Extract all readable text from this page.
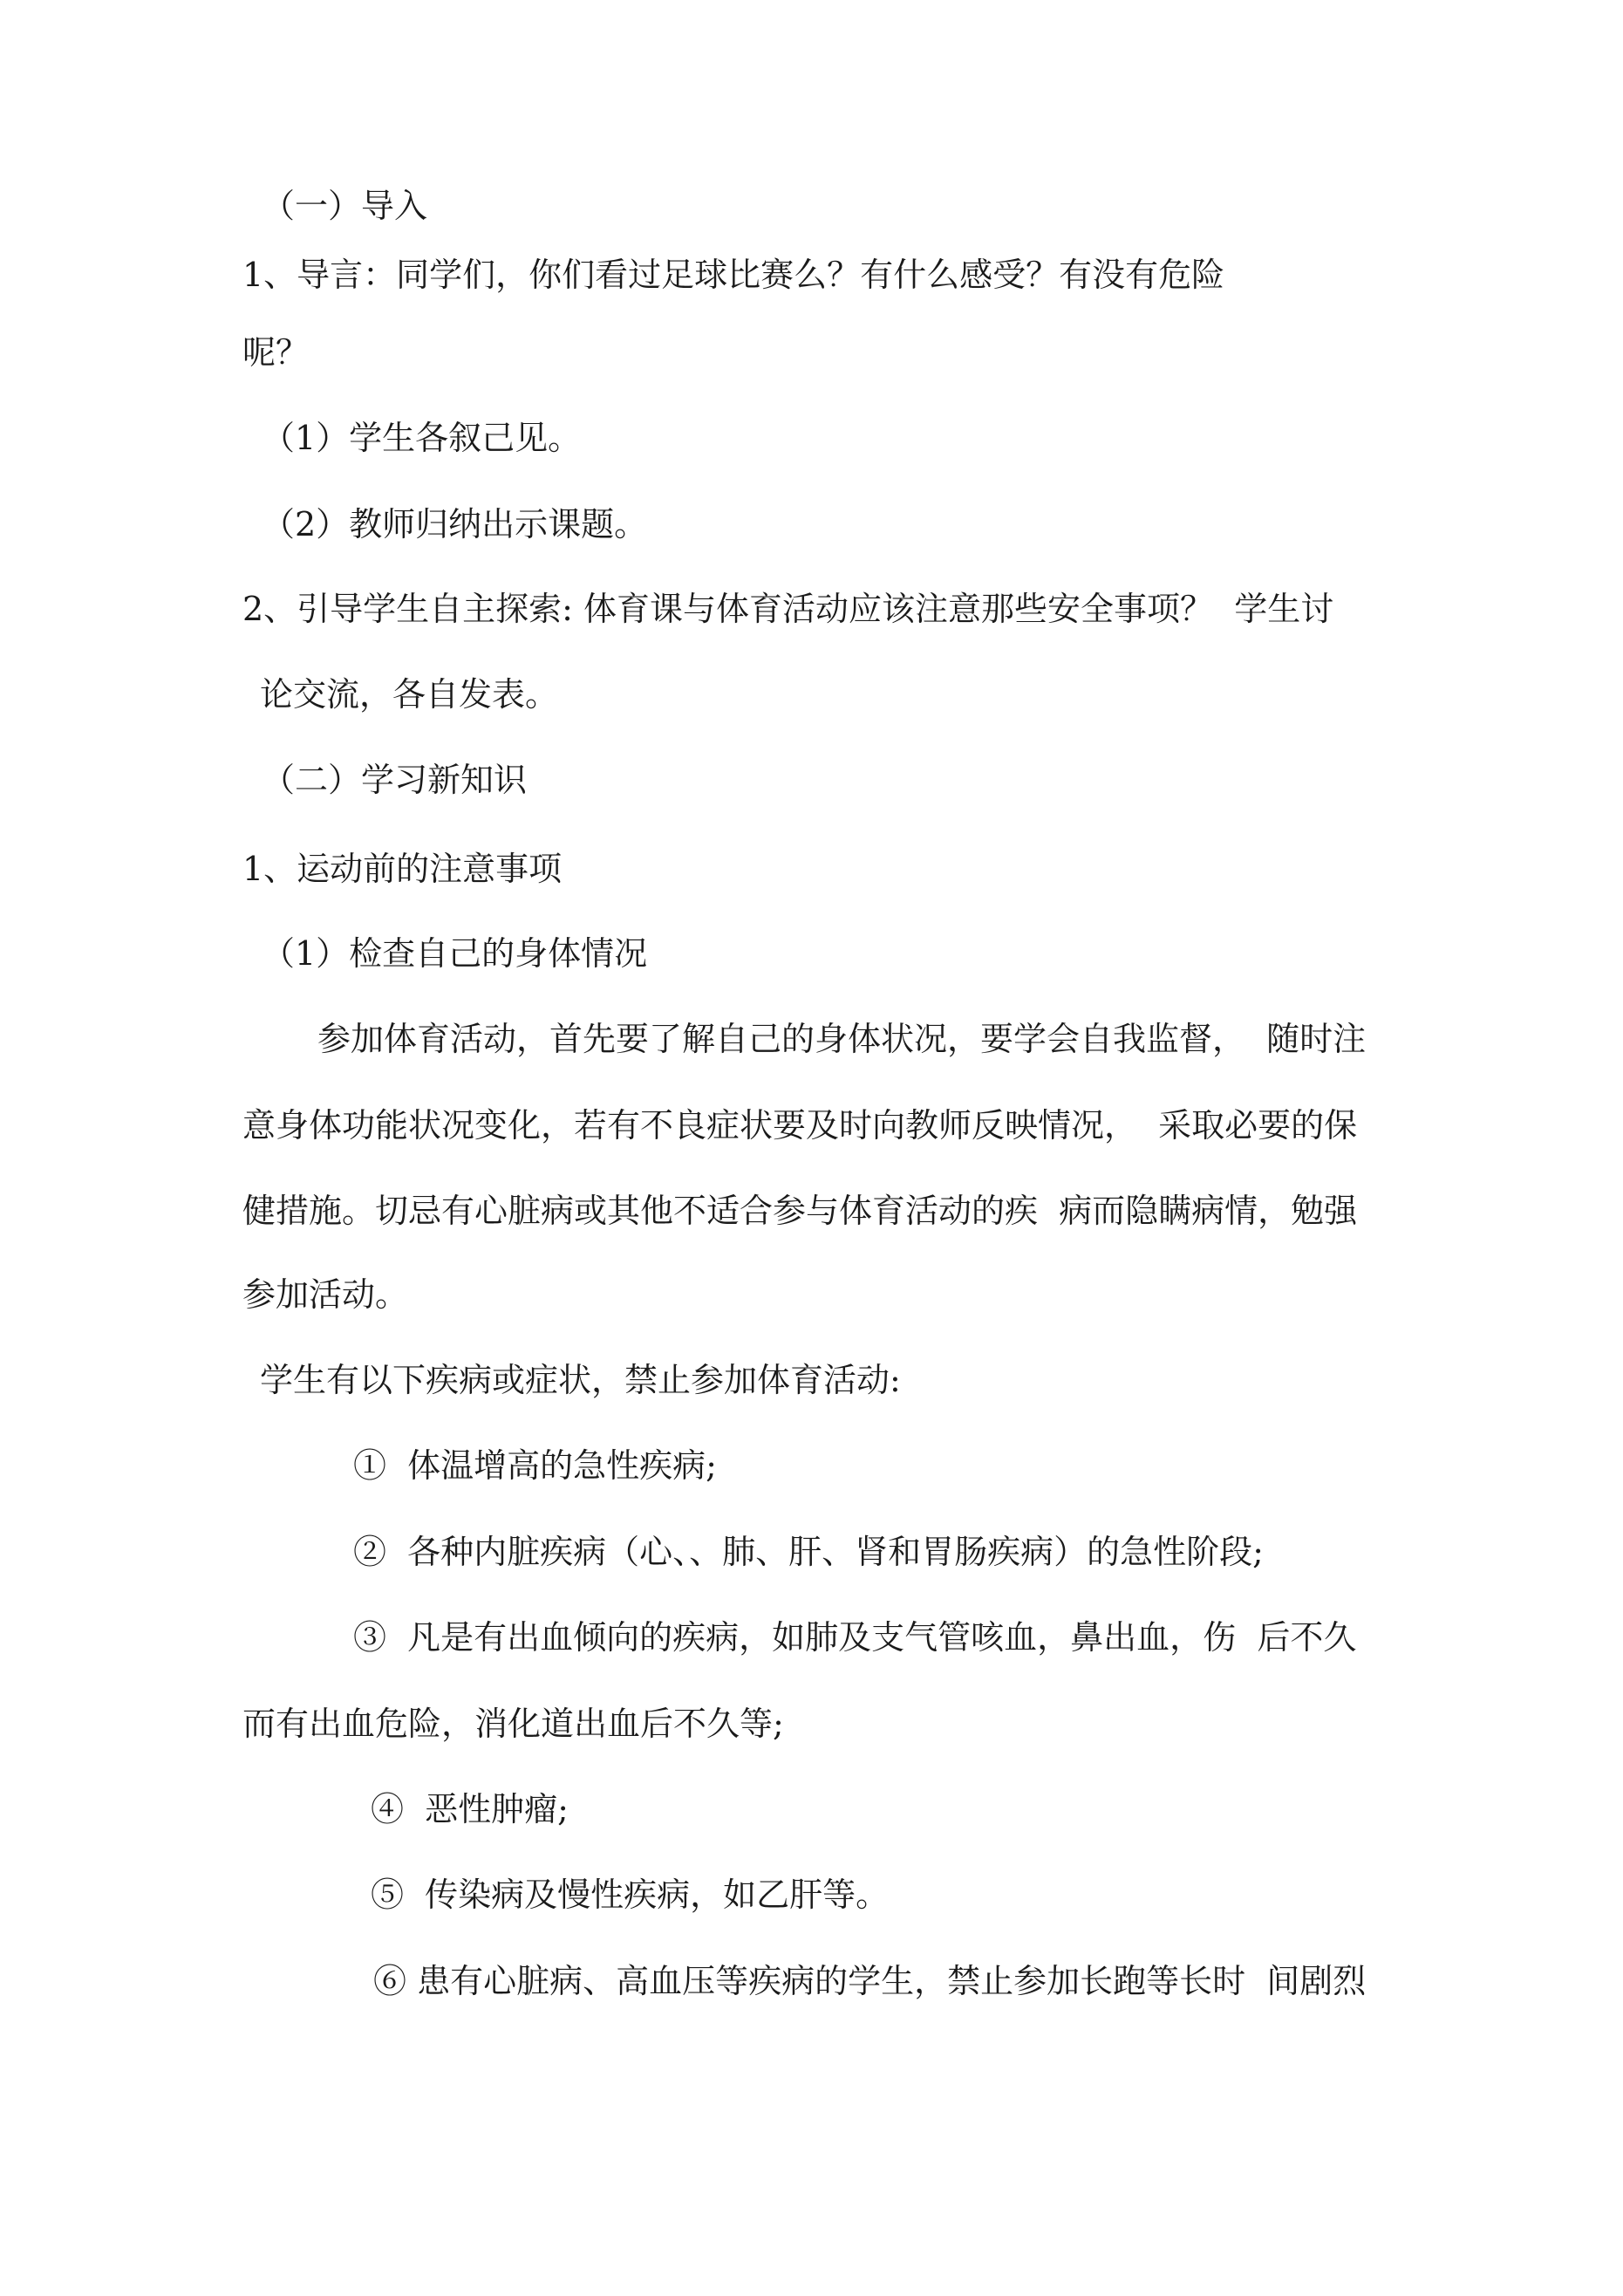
（一）导入
1、导言：同学们，你们看过足球比赛么？有什么感受？有没有危险
呢？
（1）学生各叙己见。
（2）教师归纳出示课题。
2、引导学生自主探索: 体育课与体育活动应该注意那些安全事项？  学生讨
论交流，各自发表。
（二）学习新知识
1、运动前的注意事项
（1）检查自己的身体情况
参加体育活动，首先要了解自己的身体状况，要学会自我监督，  随时注
意身体功能状况变化，若有不良症状要及时向教师反映情况，  采取必要的保
健措施。切忌有心脏病或其他不适合参与体育活动的疾  病而隐瞒病情，勉强
参加活动。
学生有以下疾病或症状，禁止参加体育活动:
①  体温增高的急性疾病;
②  各种内脏疾病（心、、肺、肝、肾和胃肠疾病）的急性阶段;
③  凡是有出血倾向的疾病，如肺及支气管咳血，鼻出血，伤  后不久
而有出血危险，消化道出血后不久等;
④  恶性肿瘤;
⑤  传染病及慢性疾病，如乙肝等。
⑥ 患有心脏病、高血压等疾病的学生，禁止参加长跑等长时  间剧烈
